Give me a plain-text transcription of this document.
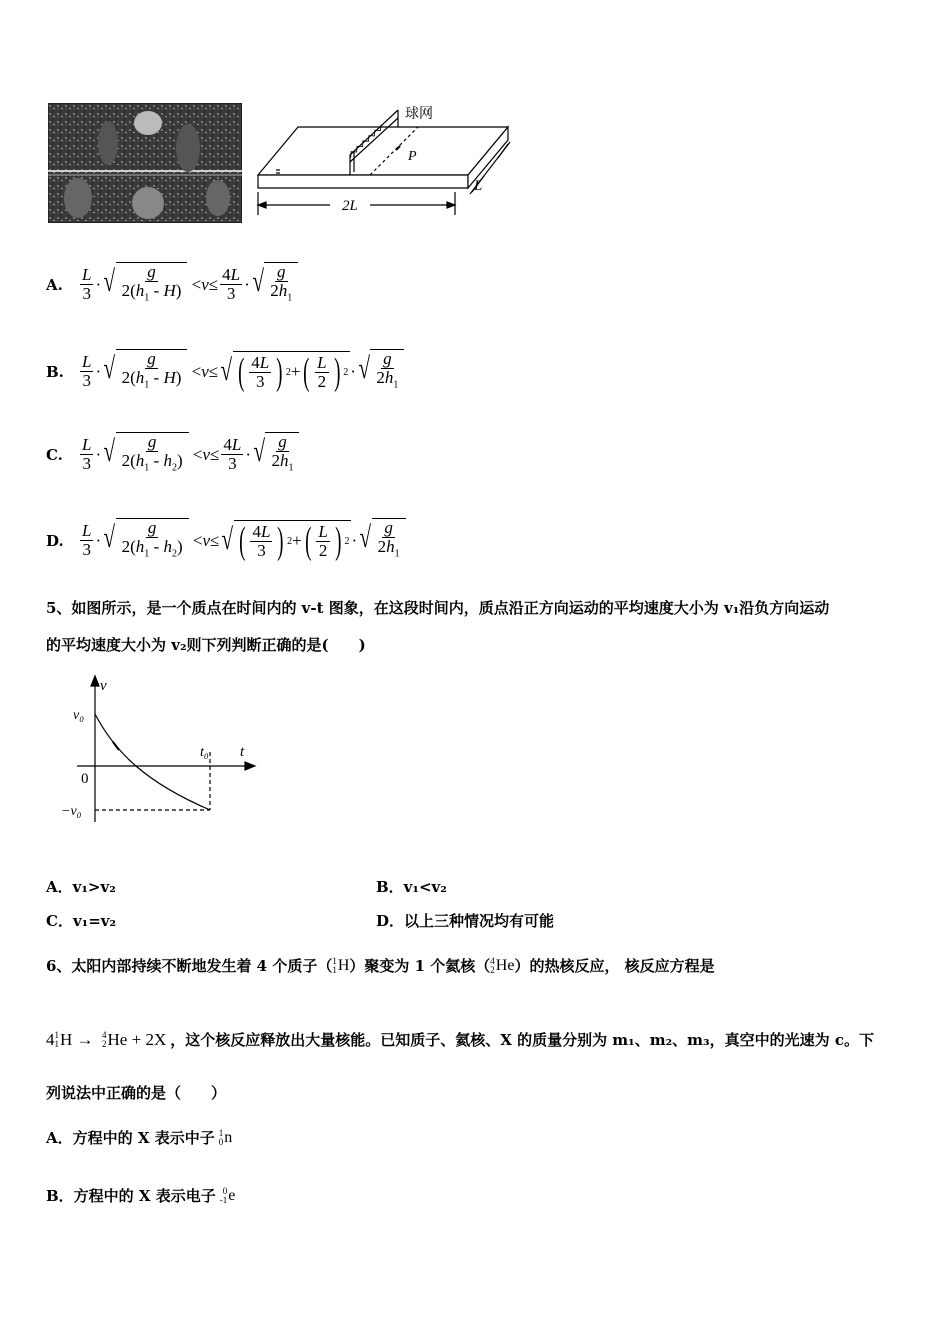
球网
P
2L
L
A.	$\frac{L}{3}$ · √ $\frac{g}{2(h_1 - H)} < v \le \frac{4L}{3}$ · √ $\frac{g}{2h_1}$
B. $\frac{L}{3}$ · √ $\frac{g}{2(h_1 - H)} < v$ ≤ √ ( $\frac{4L}{3}$ ) 2 + ( $\frac{L}{2}$ ) 2 · √ $\frac{g}{2h_1}$
C.	$\frac{L}{3}$ · √ $\frac{g}{2(h_1 - h_2)} < v \le \frac{4L}{3}$ · √ $\frac{g}{2h_1}$
D. $\frac{L}{3}$ · √ $\frac{g}{2(h_1 - h_2)} < v$ ≤ √ ( $\frac{4L}{3}$ ) 2 + ( $\frac{L}{2}$ ) 2 · √ $\frac{g}{2h_1}$
5、如图所示，是一个质点在时间内的 v-t 图象，在这段时间内，质点沿正方向运动的平均速度大小为 v₁沿负方向运动
的平均速度大小为 v₂则下列判断正确的是(　　)
v
t
v₀
−v₀
t₀
0
A．v₁>v₂	B．v₁<v₂
C．v₁=v₂	D．以上三种情况均有可能
6、太阳内部持续不断地发生着 4 个质子（ 1
1 H ）聚变为 1 个氦核（ 4
2 He ）的热核反应， 核反应方程是
4 1
1 H → 4
2 He + 2X ，这个核反应释放出大量核能。已知质子、氦核、X 的质量分别为 m₁、m₂、m₃，真空中的光速为 c。下
列说法中正确的是（　　）
A．方程中的 X 表示中子 1
0 n
B．方程中的 X 表示电子 0
-1 e
